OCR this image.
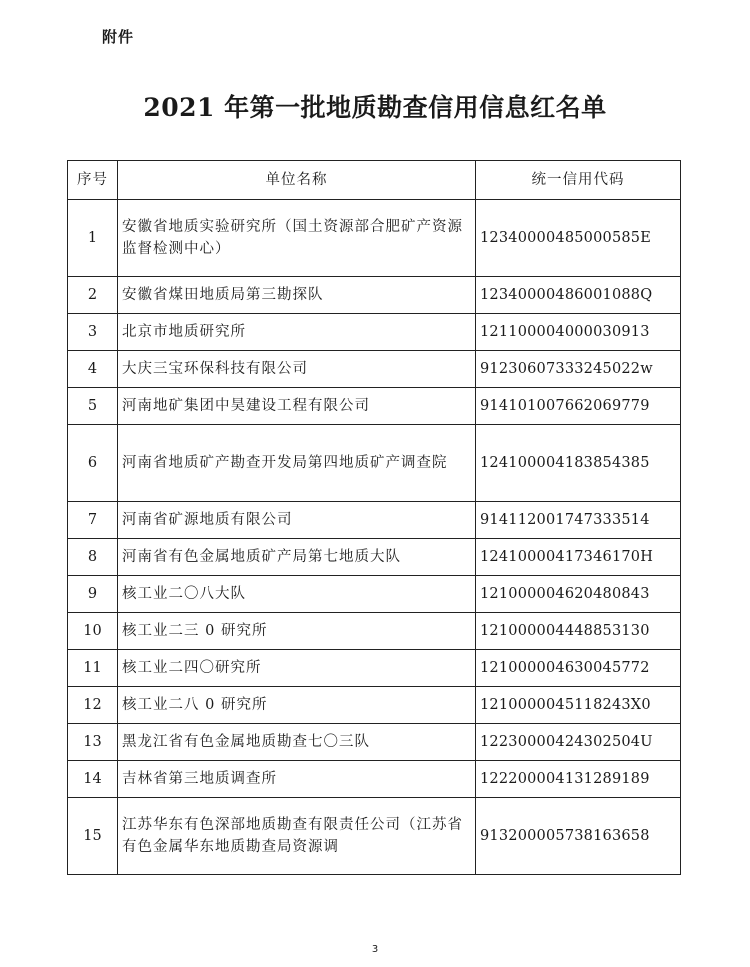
附件
2021 年第一批地质勘查信用信息红名单
序号	单位名称	统一信用代码
1	安徽省地质实验研究所（国土资源部合肥矿产资源监督检测中心）	12340000485000585E
2	安徽省煤田地质局第三勘探队	12340000486001088Q
3	北京市地质研究所	121100004000030913
4	大庆三宝环保科技有限公司	91230607333245022w
5	河南地矿集团中昊建设工程有限公司	914101007662069779
6	河南省地质矿产勘查开发局第四地质矿产调查院	124100004183854385
7	河南省矿源地质有限公司	914112001747333514
8	河南省有色金属地质矿产局第七地质大队	12410000417346170H
9	核工业二〇八大队	121000004620480843
10	核工业二三 0 研究所	121000004448853130
11	核工业二四〇研究所	121000004630045772
12	核工业二八 0 研究所	1210000045118243X0
13	黑龙江省有色金属地质勘查七〇三队	12230000424302504U
14	吉林省第三地质调查所	122200004131289189
15	江苏华东有色深部地质勘查有限责任公司（江苏省有色金属华东地质勘查局资源调	913200005738163658
3
